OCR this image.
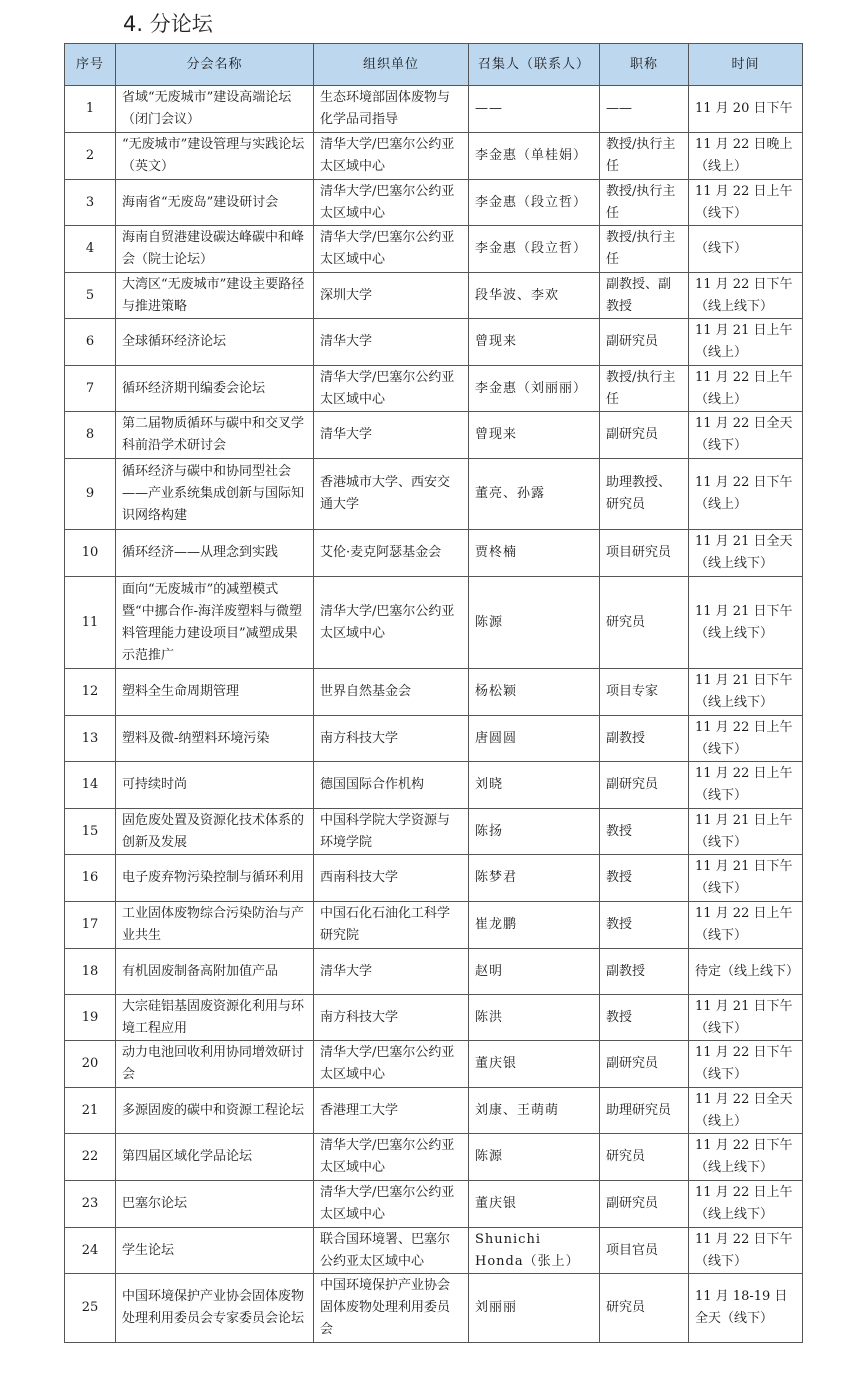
4. 分论坛
序号	分会名称	组织单位	召集人（联系人）	职称	时间
1	省域“无废城市”建设高端论坛（闭门会议）	生态环境部固体废物与化学品司指导	——	——	11 月 20 日下午
2	“无废城市”建设管理与实践论坛（英文）	清华大学/巴塞尔公约亚太区域中心	李金惠（单桂娟）	教授/执行主任	11 月 22 日晚上（线上）
3	海南省“无废岛”建设研讨会	清华大学/巴塞尔公约亚太区域中心	李金惠（段立哲）	教授/执行主任	11 月 22 日上午（线下）
4	海南自贸港建设碳达峰碳中和峰会（院士论坛）	清华大学/巴塞尔公约亚太区域中心	李金惠（段立哲）	教授/执行主任	（线下）
5	大湾区“无废城市”建设主要路径与推进策略	深圳大学	段华波、李欢	副教授、副教授	11 月 22 日下午（线上线下）
6	全球循环经济论坛	清华大学	曾现来	副研究员	11 月 21 日上午（线上）
7	循环经济期刊编委会论坛	清华大学/巴塞尔公约亚太区域中心	李金惠（刘丽丽）	教授/执行主任	11 月 22 日上午（线上）
8	第二届物质循环与碳中和交叉学科前沿学术研讨会	清华大学	曾现来	副研究员	11 月 22 日全天（线下）
9	循环经济与碳中和协同型社会——产业系统集成创新与国际知识网络构建	香港城市大学、西安交通大学	董亮、孙露	助理教授、研究员	11 月 22 日下午（线上）
10	循环经济——从理念到实践	艾伦·麦克阿瑟基金会	贾柊楠	项目研究员	11 月 21 日全天（线上线下）
11	面向“无废城市”的减塑模式暨“中挪合作-海洋废塑料与微塑料管理能力建设项目”减塑成果示范推广	清华大学/巴塞尔公约亚太区域中心	陈源	研究员	11 月 21 日下午（线上线下）
12	塑料全生命周期管理	世界自然基金会	杨松颖	项目专家	11 月 21 日下午（线上线下）
13	塑料及微-纳塑料环境污染	南方科技大学	唐圆圆	副教授	11 月 22 日上午（线下）
14	可持续时尚	德国国际合作机构	刘晓	副研究员	11 月 22 日上午（线下）
15	固危废处置及资源化技术体系的创新及发展	中国科学院大学资源与环境学院	陈扬	教授	11 月 21 日上午（线下）
16	电子废弃物污染控制与循环利用	西南科技大学	陈梦君	教授	11 月 21 日下午（线下）
17	工业固体废物综合污染防治与产业共生	中国石化石油化工科学研究院	崔龙鹏	教授	11 月 22 日上午（线下）
18	有机固废制备高附加值产品	清华大学	赵明	副教授	待定（线上线下）
19	大宗硅铝基固废资源化利用与环境工程应用	南方科技大学	陈洪	教授	11 月 21 日下午（线下）
20	动力电池回收利用协同增效研讨会	清华大学/巴塞尔公约亚太区域中心	董庆银	副研究员	11 月 22 日下午（线下）
21	多源固废的碳中和资源工程论坛	香港理工大学	刘康、王萌萌	助理研究员	11 月 22 日全天（线上）
22	第四届区域化学品论坛	清华大学/巴塞尔公约亚太区域中心	陈源	研究员	11 月 22 日下午（线上线下）
23	巴塞尔论坛	清华大学/巴塞尔公约亚太区域中心	董庆银	副研究员	11 月 22 日上午（线上线下）
24	学生论坛	联合国环境署、巴塞尔公约亚太区域中心	Shunichi Honda（张上）	项目官员	11 月 22 日下午（线下）
25	中国环境保护产业协会固体废物处理利用委员会专家委员会论坛	中国环境保护产业协会固体废物处理利用委员会	刘丽丽	研究员	11 月 18-19 日全天（线下）
